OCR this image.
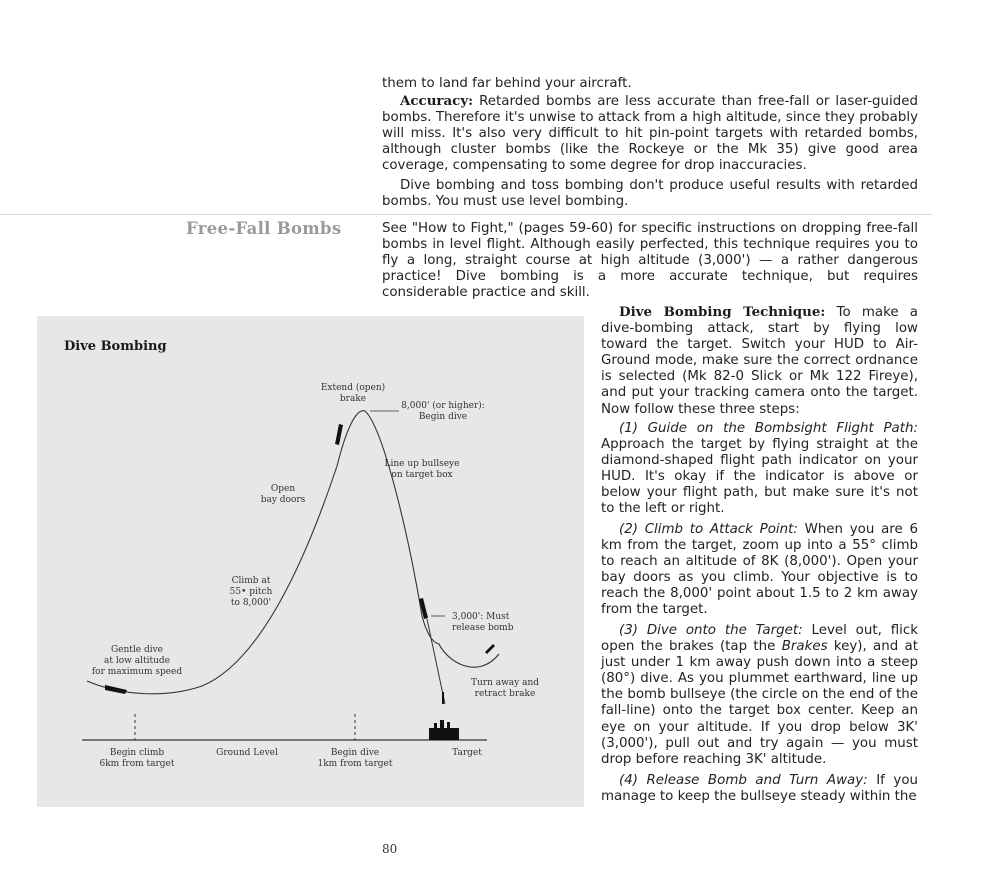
them to land far behind your aircraft.

Accuracy: Retarded bombs are less accurate than free-fall or laser-guided bombs. Therefore it's unwise to attack from a high altitude, since they probably will miss. It's also very difficult to hit pin-point targets with retarded bombs, although cluster bombs (like the Rockeye or the Mk 35) give good area coverage, compensating to some degree for drop inaccuracies.

Dive bombing and toss bombing don't produce useful results with retarded bombs. You must use level bombing.

Free-Fall Bombs	See "How to Fight," (pages 59-60) for specific instructions on dropping free-fall bombs in level flight. Although easily perfected, this technique requires you to fly a long, straight course at high altitude (3,000') — a rather dangerous practice! Dive bombing is a more accurate technique, but requires considerable practice and skill.

Dive Bombing Technique: To make a dive-bombing attack, start by flying low toward the target. Switch your HUD to Air-Ground mode, make sure the correct ordnance is selected (Mk 82-0 Slick or Mk 122 Fireye), and put your tracking camera onto the target. Now follow these three steps:

(1) Guide on the Bombsight Flight Path: Approach the target by flying straight at the diamond-shaped flight path indicator on your HUD. It's okay if the indicator is above or below your flight path, but make sure it's not to the left or right.

(2) Climb to Attack Point: When you are 6 km from the target, zoom up into a 55° climb to reach an altitude of 8K (8,000'). Open your bay doors as you climb. Your objective is to reach the 8,000' point about 1.5 to 2 km away from the target.

(3) Dive onto the Target: Level out, flick open the brakes (tap the Brakes key), and at just under 1 km away push down into a steep (80°) dive. As you plummet earthward, line up the bomb bullseye (the circle on the end of the fall-line) onto the target box center. Keep an eye on your altitude. If you drop below 3K' (3,000'), pull out and try again — you must drop before reaching 3K' altitude.

(4) Release Bomb and Turn Away: If you manage to keep the bullseye steady within the

Dive Bombing
Extend (open)
brake
8,000' (or higher):
Begin dive
Open
bay doors
Line up bullseye
on target box
Climb at
55• pitch
to 8,000'
3,000': Must
release bomb
Gentle dive
at low altitude
for maximum speed
Turn away and
retract brake
Begin climb
6km from target
Ground Level	Begin dive
1km from target
Target
80
